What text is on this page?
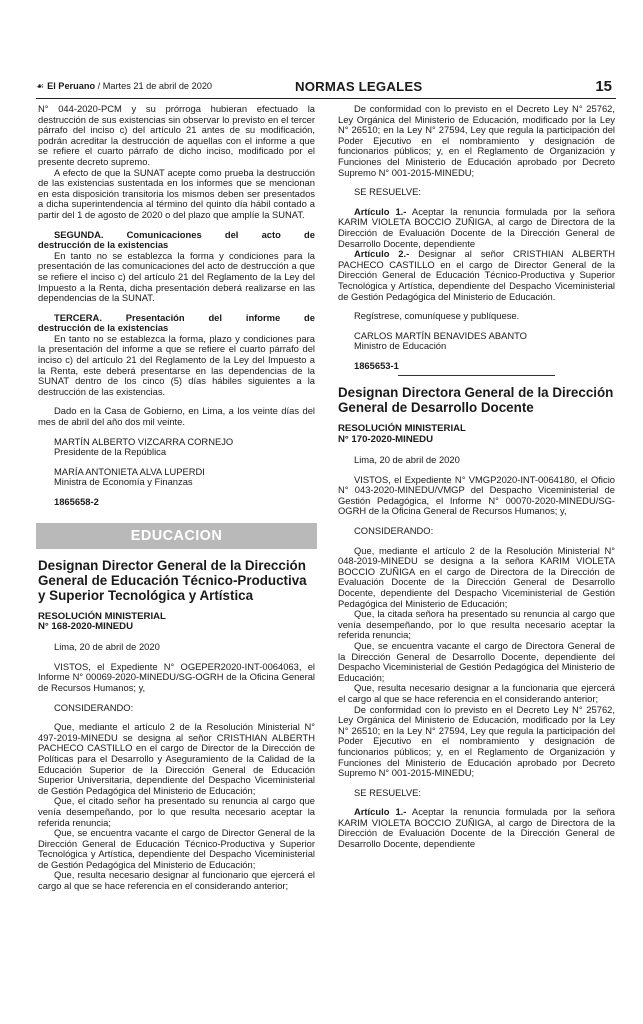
☙ El Peruano / Martes 21 de abril de 2020	NORMAS LEGALES	15

N° 044-2020-PCM y su prórroga hubieran efectuado la destrucción de sus existencias sin observar lo previsto en el tercer párrafo del inciso c) del artículo 21 antes de su modificación, podrán acreditar la destrucción de aquellas con el informe a que se refiere el cuarto párrafo de dicho inciso, modificado por el presente decreto supremo.

A efecto de que la SUNAT acepte como prueba la destrucción de las existencias sustentada en los informes que se mencionan en esta disposición transitoria los mismos deben ser presentados a dicha superintendencia al término del quinto día hábil contado a partir del 1 de agosto de 2020 o del plazo que amplíe la SUNAT.

SEGUNDA. Comunicaciones del acto de

destrucción de la existencias

En tanto no se establezca la forma y condiciones para la presentación de las comunicaciones del acto de destrucción a que se refiere el inciso c) del artículo 21 del Reglamento de la Ley del Impuesto a la Renta, dicha presentación deberá realizarse en las dependencias de la SUNAT.

TERCERA. Presentación del informe de

destrucción de la existencias

En tanto no se establezca la forma, plazo y condiciones para la presentación del informe a que se refiere el cuarto párrafo del inciso c) del artículo 21 del Reglamento de la Ley del Impuesto a la Renta, este deberá presentarse en las dependencias de la SUNAT dentro de los cinco (5) días hábiles siguientes a la destrucción de las existencias.

Dado en la Casa de Gobierno, en Lima, a los veinte días del mes de abril del año dos mil veinte.

MARTÍN ALBERTO VIZCARRA CORNEJO

Presidente de la República

MARÍA ANTONIETA ALVA LUPERDI

Ministra de Economía y Finanzas

1865658-2

EDUCACION

Designan Director General de la Dirección General de Educación Técnico-Productiva y Superior Tecnológica y Artística

RESOLUCIÓN MINISTERIAL

N° 168-2020-MINEDU

Lima, 20 de abril de 2020

VISTOS, el Expediente N° OGEPER2020-INT-0064063, el Informe N° 00069-2020-MINEDU/SG-OGRH de la Oficina General de Recursos Humanos; y,

CONSIDERANDO:

Que, mediante el artículo 2 de la Resolución Ministerial N° 497-2019-MINEDU se designa al señor CRISTHIAN ALBERTH PACHECO CASTILLO en el cargo de Director de la Dirección de Políticas para el Desarrollo y Aseguramiento de la Calidad de la Educación Superior de la Dirección General de Educación Superior Universitaria, dependiente del Despacho Viceministerial de Gestión Pedagógica del Ministerio de Educación;

Que, el citado señor ha presentado su renuncia al cargo que venía desempeñando, por lo que resulta necesario aceptar la referida renuncia;

Que, se encuentra vacante el cargo de Director General de la Dirección General de Educación Técnico-Productiva y Superior Tecnológica y Artística, dependiente del Despacho Viceministerial de Gestión Pedagógica del Ministerio de Educación;

Que, resulta necesario designar al funcionario que ejercerá el cargo al que se hace referencia en el considerando anterior;

De conformidad con lo previsto en el Decreto Ley N° 25762, Ley Orgánica del Ministerio de Educación, modificado por la Ley N° 26510; en la Ley N° 27594, Ley que regula la participación del Poder Ejecutivo en el nombramiento y designación de funcionarios públicos; y, en el Reglamento de Organización y Funciones del Ministerio de Educación aprobado por Decreto Supremo N° 001-2015-MINEDU;

SE RESUELVE:

Artículo 1.- Aceptar la renuncia formulada por la señora KARIM VIOLETA BOCCIO ZUÑIGA, al cargo de Directora de la Dirección de Evaluación Docente de la Dirección General de Desarrollo Docente, dependiente

Artículo 2.- Designar al señor CRISTHIAN ALBERTH PACHECO CASTILLO en el cargo de Director General de la Dirección General de Educación Técnico-Productiva y Superior Tecnológica y Artística, dependiente del Despacho Viceministerial de Gestión Pedagógica del Ministerio de Educación.

Regístrese, comuníquese y publíquese.

CARLOS MARTÍN BENAVIDES ABANTO

Ministro de Educación

1865653-1

Designan Directora General de la Dirección General de Desarrollo Docente

RESOLUCIÓN MINISTERIAL

N° 170-2020-MINEDU

Lima, 20 de abril de 2020

VISTOS, el Expediente N° VMGP2020-INT-0064180, el Oficio N° 043-2020-MINEDU/VMGP del Despacho Viceministerial de Gestión Pedagógica, el Informe N° 00070-2020-MINEDU/SG-OGRH de la Oficina General de Recursos Humanos; y,

CONSIDERANDO:

Que, mediante el artículo 2 de la Resolución Ministerial N° 048-2019-MINEDU se designa a la señora KARIM VIOLETA BOCCIO ZUÑIGA en el cargo de Directora de la Dirección de Evaluación Docente de la Dirección General de Desarrollo Docente, dependiente del Despacho Viceministerial de Gestión Pedagógica del Ministerio de Educación;

Que, la citada señora ha presentado su renuncia al cargo que venía desempeñando, por lo que resulta necesario aceptar la referida renuncia;

Que, se encuentra vacante el cargo de Directora General de la Dirección General de Desarrollo Docente, dependiente del Despacho Viceministerial de Gestión Pedagógica del Ministerio de Educación;

Que, resulta necesario designar a la funcionaria que ejercerá el cargo al que se hace referencia en el considerando anterior;

De conformidad con lo previsto en el Decreto Ley N° 25762, Ley Orgánica del Ministerio de Educación, modificado por la Ley N° 26510; en la Ley N° 27594, Ley que regula la participación del Poder Ejecutivo en el nombramiento y designación de funcionarios públicos; y, en el Reglamento de Organización y Funciones del Ministerio de Educación aprobado por Decreto Supremo N° 001-2015-MINEDU;

SE RESUELVE:

Artículo 1.- Aceptar la renuncia formulada por la señora KARIM VIOLETA BOCCIO ZUÑIGA, al cargo de Directora de la Dirección de Evaluación Docente de la Dirección General de Desarrollo Docente, dependiente
